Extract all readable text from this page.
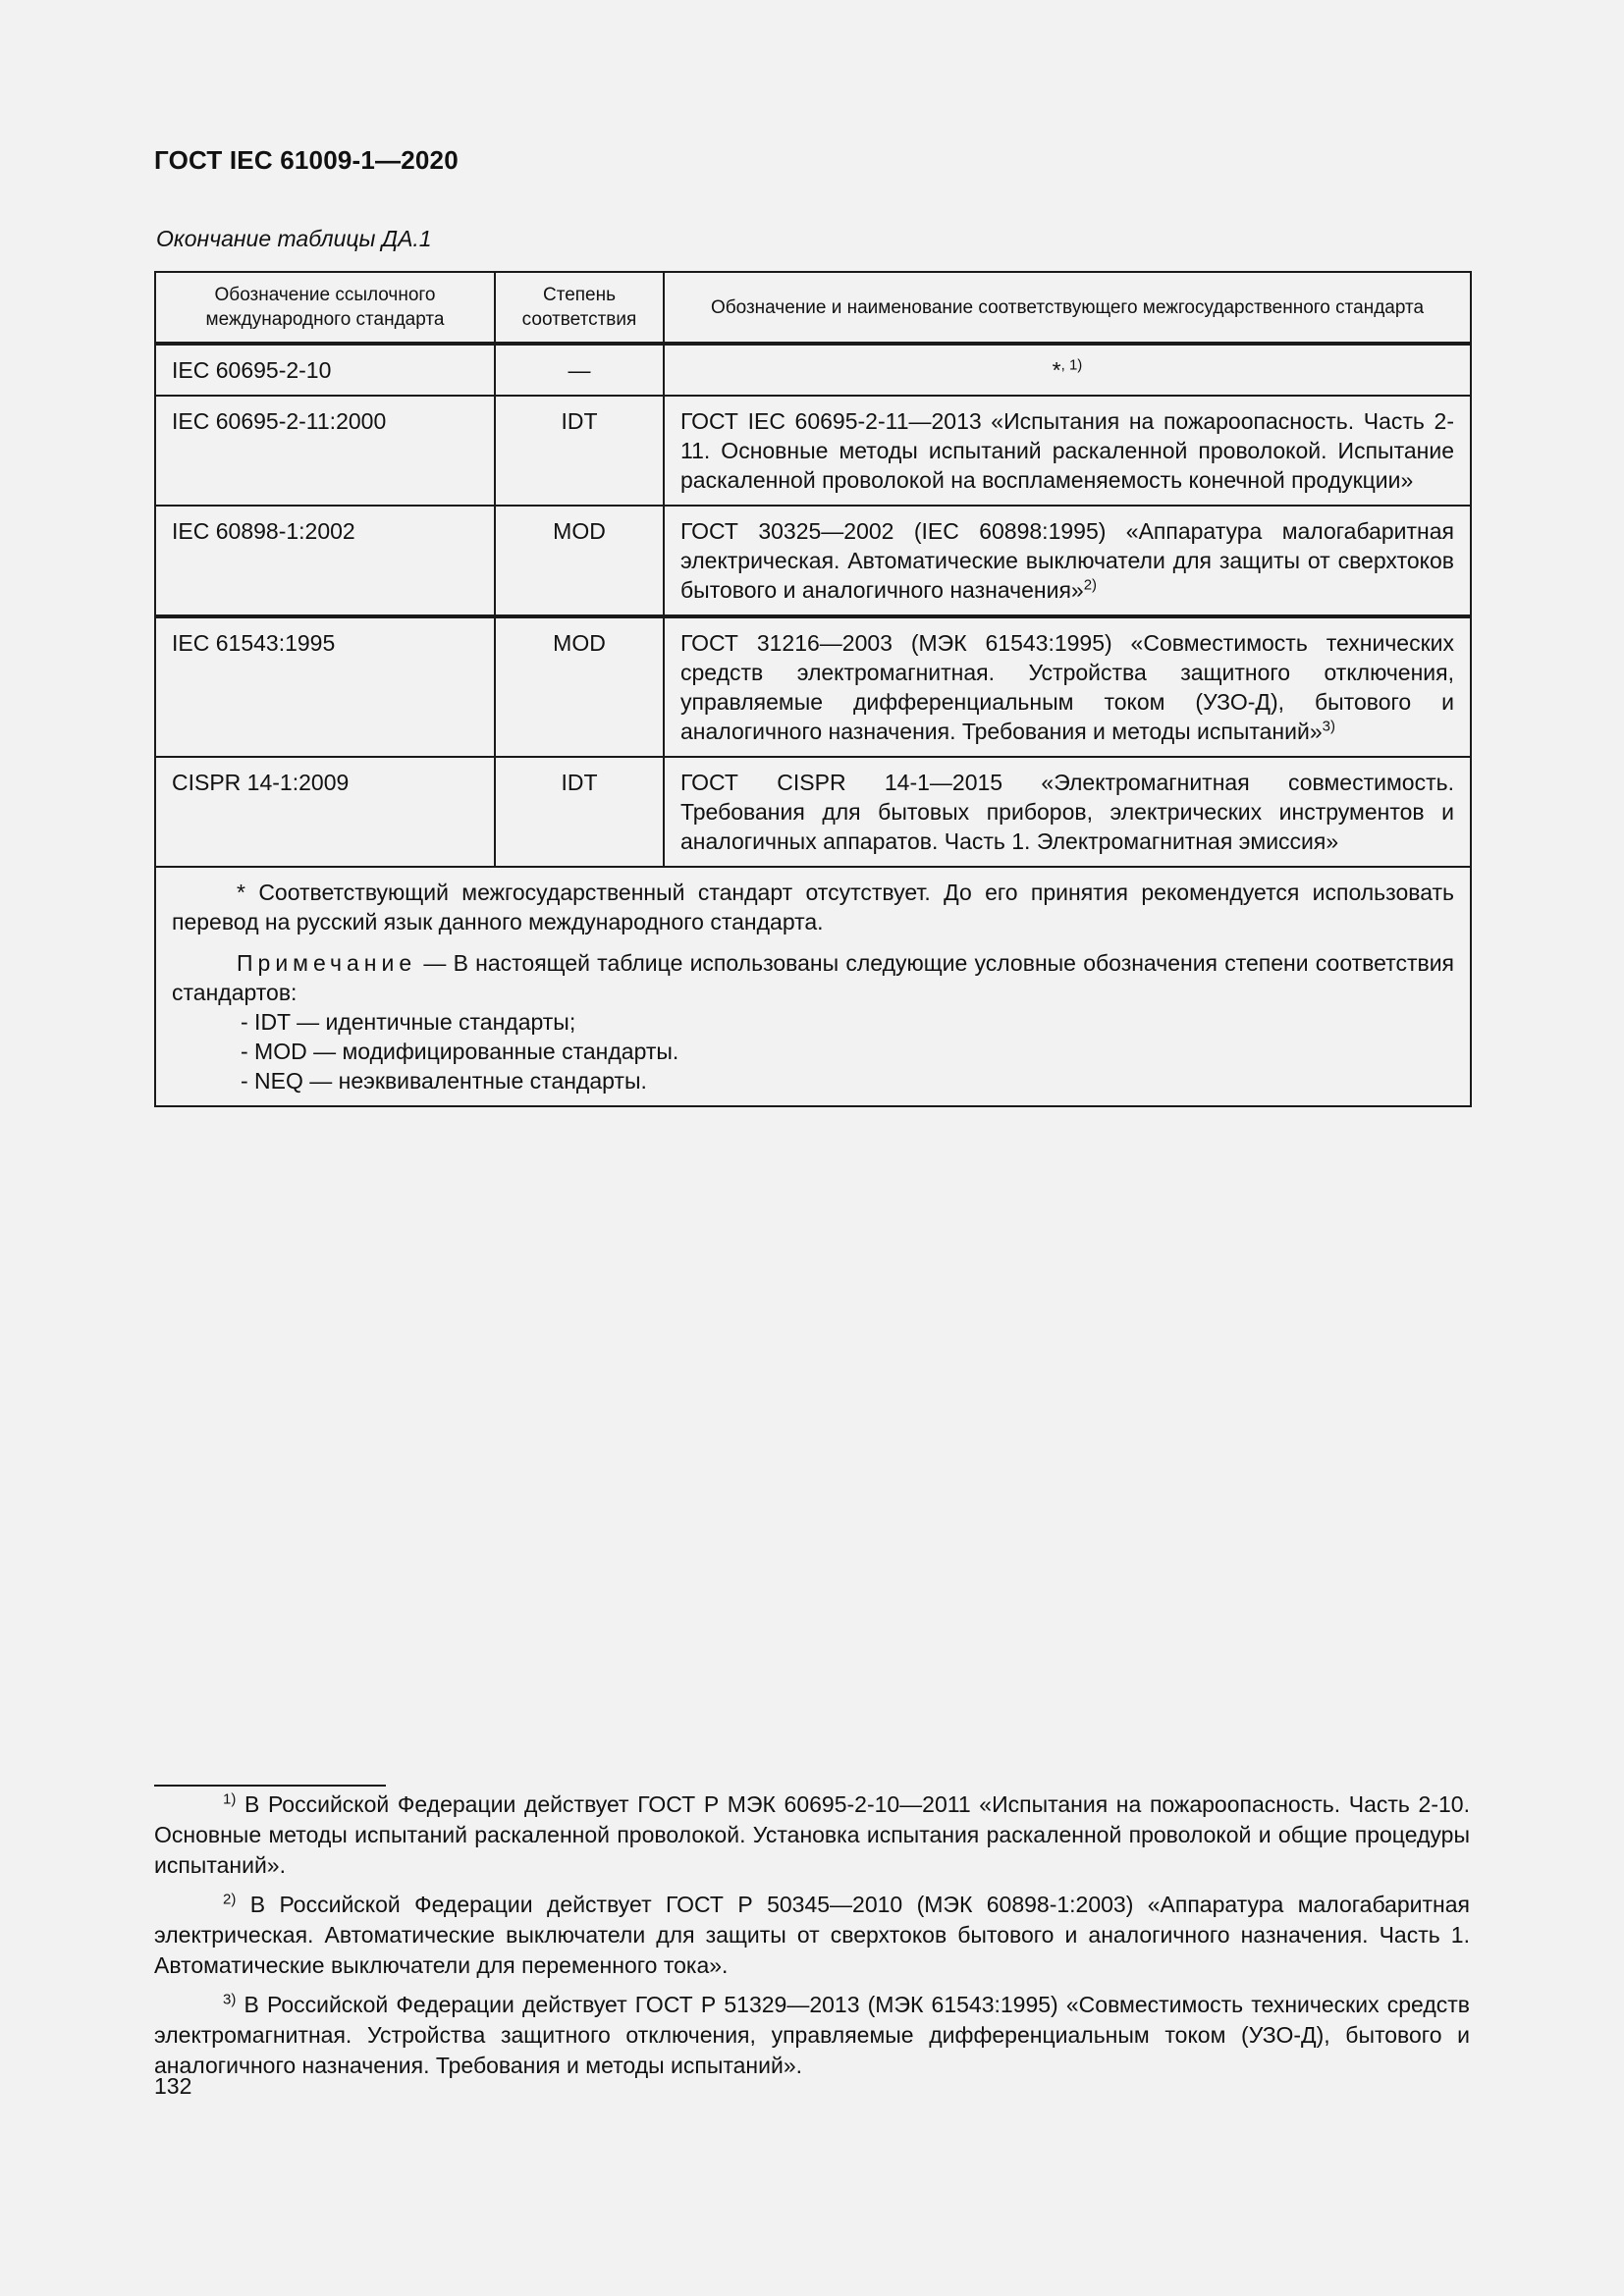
ГОСТ IEC 61009-1—2020
Окончание таблицы ДА.1
Обозначение ссылочного международного стандарта	Степень соответствия	Обозначение и наименование соответствующего межгосударственного стандарта
IEC 60695-2-10	—	*$^{, 1)}$
IEC 60695-2-11:2000	IDT	ГОСТ IEC 60695-2-11—2013 «Испытания на пожароопасность. Часть 2-11. Основные методы испытаний раскаленной проволокой. Испытание раскаленной проволокой на воспламеняемость конечной продукции»
IEC 60898-1:2002	MOD	ГОСТ 30325—2002 (IEC 60898:1995) «Аппаратура малогабаритная электрическая. Автоматические выключатели для защиты от сверхтоков бытового и аналогичного назначения»$^{2)}$
IEC 61543:1995	MOD	ГОСТ 31216—2003 (МЭК 61543:1995) «Совместимость технических средств электромагнитная. Устройства защитного отключения, управляемые дифференциальным током (УЗО-Д), бытового и аналогичного назначения. Требования и методы испытаний»$^{3)}$
CISPR 14-1:2009	IDT	ГОСТ CISPR 14-1—2015 «Электромагнитная совместимость. Требования для бытовых приборов, электрических инструментов и аналогичных аппаратов. Часть 1. Электромагнитная эмиссия»

* Соответствующий межгосударственный стандарт отсутствует. До его принятия рекомендуется использовать перевод на русский язык данного международного стандарта.
Примечание — В настоящей таблице использованы следующие условные обозначения степени соответствия стандартов:
- IDT — идентичные стандарты;
- MOD — модифицированные стандарты.
- NEQ — неэквивалентные стандарты.		
$^{1)}$ В Российской Федерации действует ГОСТ Р МЭК 60695-2-10—2011 «Испытания на пожароопасность. Часть 2-10. Основные методы испытаний раскаленной проволокой. Установка испытания раскаленной проволокой и общие процедуры испытаний».
$^{2)}$ В Российской Федерации действует ГОСТ Р 50345—2010 (МЭК 60898-1:2003) «Аппаратура малогабаритная электрическая. Автоматические выключатели для защиты от сверхтоков бытового и аналогичного назначения. Часть 1. Автоматические выключатели для переменного тока».
$^{3)}$ В Российской Федерации действует ГОСТ Р 51329—2013 (МЭК 61543:1995) «Совместимость технических средств электромагнитная. Устройства защитного отключения, управляемые дифференциальным током (УЗО-Д), бытового и аналогичного назначения. Требования и методы испытаний».
132
